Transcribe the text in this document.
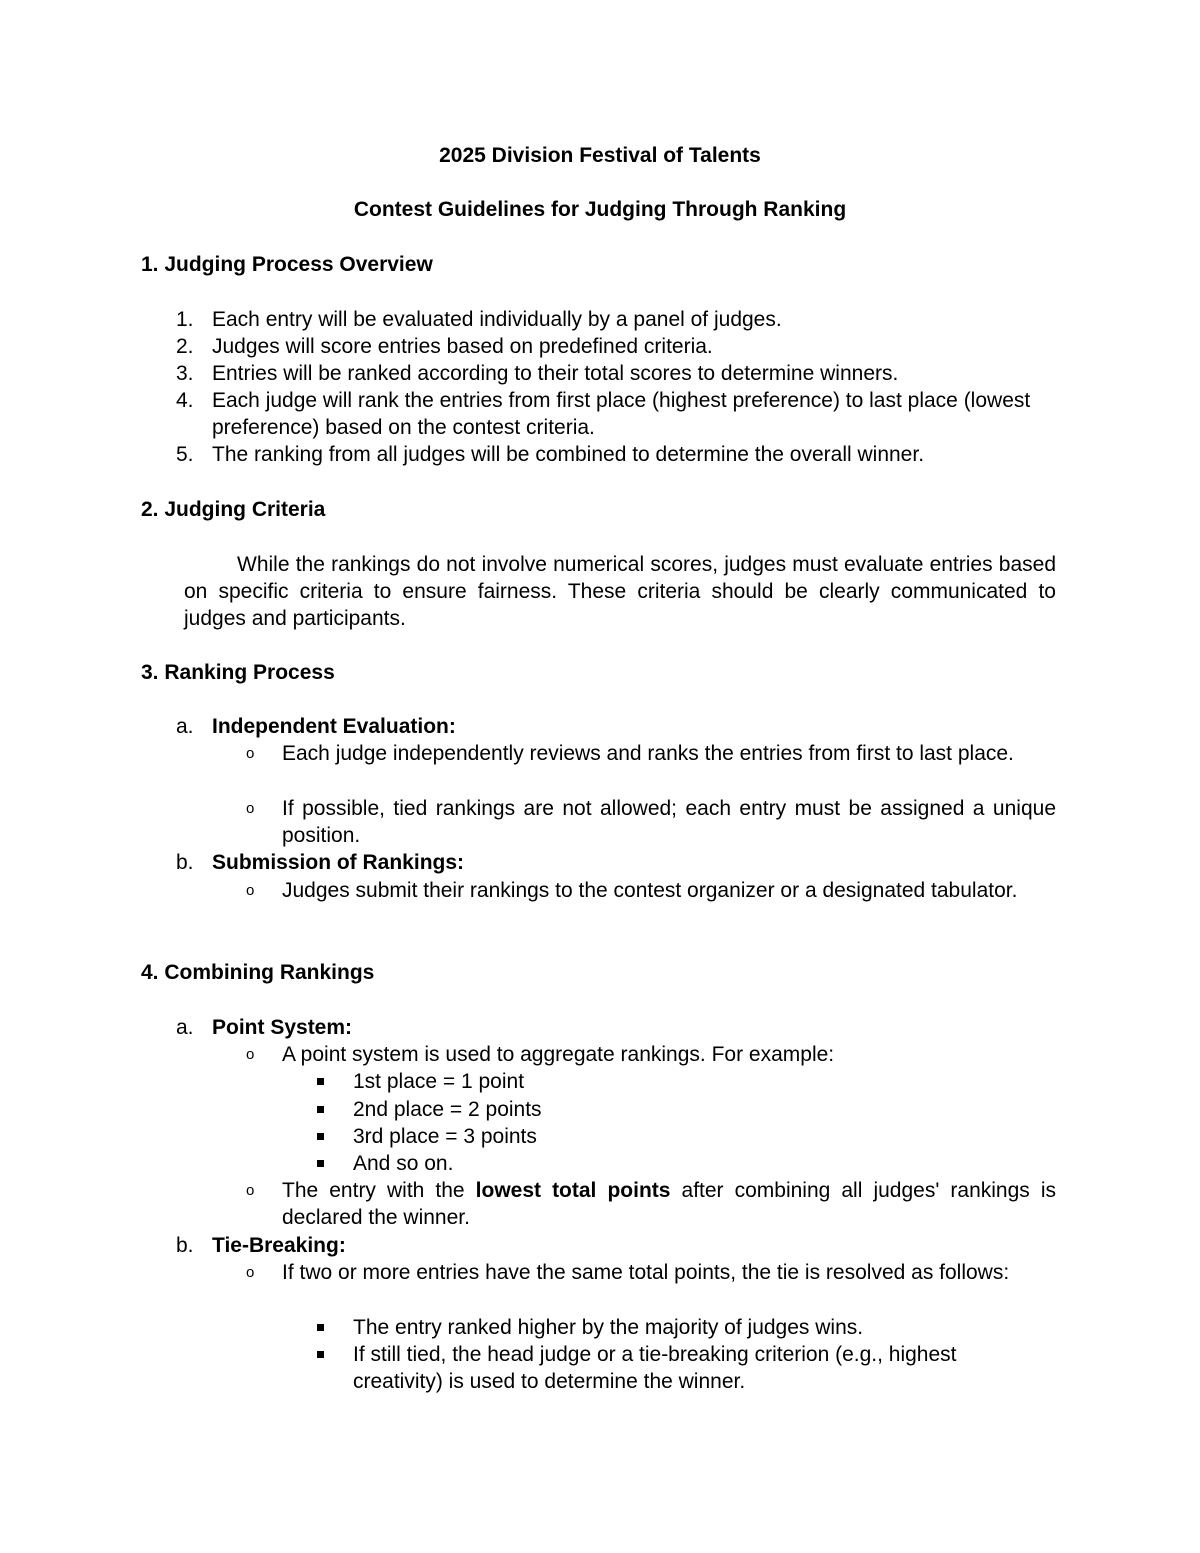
2025 Division Festival of Talents
Contest Guidelines for Judging Through Ranking
1. Judging Process Overview
1. Each entry will be evaluated individually by a panel of judges.
2. Judges will score entries based on predefined criteria.
3. Entries will be ranked according to their total scores to determine winners.
4. Each judge will rank the entries from first place (highest preference) to last place (lowest preference) based on the contest criteria.
5. The ranking from all judges will be combined to determine the overall winner.
2. Judging Criteria
While the rankings do not involve numerical scores, judges must evaluate entries based on specific criteria to ensure fairness. These criteria should be clearly communicated to judges and participants.
3. Ranking Process
a. Independent Evaluation:
o Each judge independently reviews and ranks the entries from first to last place.
o If possible, tied rankings are not allowed; each entry must be assigned a unique position.
b. Submission of Rankings:
o Judges submit their rankings to the contest organizer or a designated tabulator.
4. Combining Rankings
a. Point System:
o A point system is used to aggregate rankings. For example:
1st place = 1 point
2nd place = 2 points
3rd place = 3 points
And so on.
o The entry with the lowest total points after combining all judges' rankings is declared the winner.
b. Tie-Breaking:
o If two or more entries have the same total points, the tie is resolved as follows:
The entry ranked higher by the majority of judges wins.
If still tied, the head judge or a tie-breaking criterion (e.g., highest creativity) is used to determine the winner.
